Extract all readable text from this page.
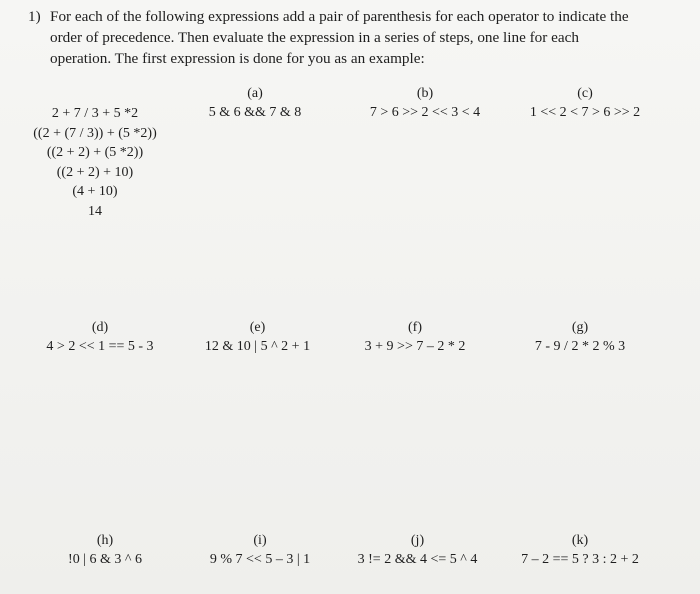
1) For each of the following expressions add a pair of parenthesis for each operator to indicate the
order of precedence. Then evaluate the expression in a series of steps, one line for each
operation. The first expression is done for you as an example:
2 + 7 / 3 + 5 *2
((2 + (7 / 3)) + (5 *2))
((2 + 2) + (5 *2))
((2 + 2) + 10)
(4 + 10)
14
(a)
5 & 6 && 7 & 8
(b)
7 > 6 >> 2 << 3 < 4
(c)
1 << 2 < 7 > 6 >> 2
(d)
4 > 2 << 1 == 5 - 3
(e)
12 & 10 | 5 ^ 2 + 1
(f)
3 + 9 >> 7 – 2 * 2
(g)
7 - 9 / 2 * 2 % 3
(h)
!0 | 6 & 3 ^ 6
(i)
9 % 7 << 5 – 3 | 1
(j)
3 != 2 && 4 <= 5 ^ 4
(k)
7 – 2 == 5 ? 3 : 2 + 2
